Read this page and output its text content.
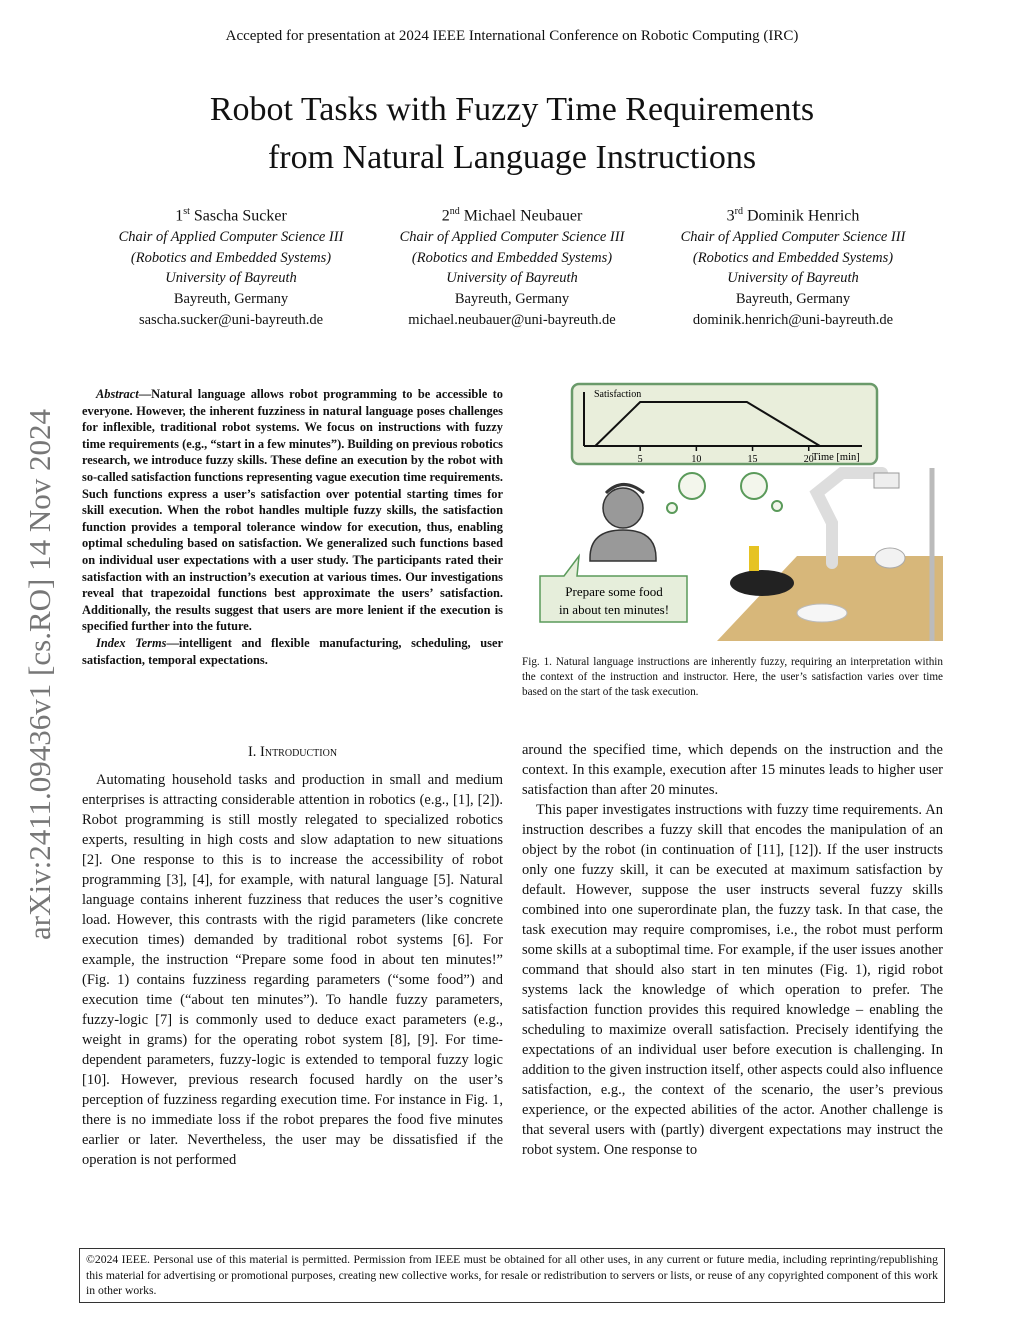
Accepted for presentation at 2024 IEEE International Conference on Robotic Computing (IRC)
Robot Tasks with Fuzzy Time Requirements
from Natural Language Instructions
1st Sascha Sucker
Chair of Applied Computer Science III
(Robotics and Embedded Systems)
University of Bayreuth
Bayreuth, Germany
sascha.sucker@uni-bayreuth.de
2nd Michael Neubauer
Chair of Applied Computer Science III
(Robotics and Embedded Systems)
University of Bayreuth
Bayreuth, Germany
michael.neubauer@uni-bayreuth.de
3rd Dominik Henrich
Chair of Applied Computer Science III
(Robotics and Embedded Systems)
University of Bayreuth
Bayreuth, Germany
dominik.henrich@uni-bayreuth.de
arXiv:2411.09436v1 [cs.RO] 14 Nov 2024

Abstract—Natural language allows robot programming to be accessible to everyone. However, the inherent fuzziness in natural language poses challenges for inflexible, traditional robot systems. We focus on instructions with fuzzy time requirements (e.g., “start in a few minutes”). Building on previous robotics research, we introduce fuzzy skills. These define an execution by the robot with so-called satisfaction functions representing vague execution time requirements. Such functions express a user’s satisfaction over potential starting times for skill execution. When the robot handles multiple fuzzy skills, the satisfaction function provides a temporal tolerance window for execution, thus, enabling optimal scheduling based on satisfaction. We generalized such functions based on individual user expectations with a user study. The participants rated their satisfaction with an instruction’s execution at various times. Our investigations reveal that trapezoidal functions best approximate the users’ satisfaction. Additionally, the results suggest that users are more lenient if the execution is specified further into the future.

Index Terms—intelligent and flexible manufacturing, scheduling, user satisfaction, temporal expectations.

I. Introduction

Automating household tasks and production in small and medium enterprises is attracting considerable attention in robotics (e.g., [1], [2]). Robot programming is still mostly relegated to specialized robotics experts, resulting in high costs and slow adaptation to new situations [2]. One response to this is to increase the accessibility of robot programming [3], [4], for example, with natural language [5]. Natural language contains inherent fuzziness that reduces the user’s cognitive load. However, this contrasts with the rigid parameters (like concrete execution times) demanded by traditional robot systems [6]. For example, the instruction “Prepare some food in about ten minutes!” (Fig. 1) contains fuzziness regarding parameters (“some food”) and execution time (“about ten minutes”). To handle fuzzy parameters, fuzzy-logic [7] is commonly used to deduce exact parameters (e.g., weight in grams) for the operating robot system [8], [9]. For time-dependent parameters, fuzzy-logic is extended to temporal fuzzy logic [10]. However, previous research focused hardly on the user’s perception of fuzziness regarding execution time. For instance in Fig. 1, there is no immediate loss if the robot prepares the food five minutes earlier or later. Nevertheless, the user may be dissatisfied if the operation is not performed

around the specified time, which depends on the instruction and the context. In this example, execution after 15 minutes leads to higher user satisfaction than after 20 minutes.

This paper investigates instructions with fuzzy time requirements. An instruction describes a fuzzy skill that encodes the manipulation of an object by the robot (in continuation of [11], [12]). If the user instructs only one fuzzy skill, it can be executed at maximum satisfaction by default. However, suppose the user instructs several fuzzy skills combined into one superordinate plan, the fuzzy task. In that case, the task execution may require compromises, i.e., the robot must perform some skills at a suboptimal time. For example, if the user issues another command that should also start in ten minutes (Fig. 1), rigid robot systems lack the knowledge of which operation to prefer. The satisfaction function provides this required knowledge – enabling the scheduling to maximize overall satisfaction. Precisely identifying the expectations of an individual user before execution is challenging. In addition to the given instruction itself, other aspects could also influence satisfaction, e.g., the context of the scenario, the user’s previous experience, or the expected abilities of the actor. Another challenge is that several users with (partly) divergent expectations may instruct the robot system. One response to

Satisfaction
Time [min]
5	10	15	20
Prepare some food
in about ten minutes!
Fig. 1. Natural language instructions are inherently fuzzy, requiring an interpretation within the context of the instruction and instructor. Here, the user’s satisfaction varies over time based on the start of the task execution.
©2024 IEEE. Personal use of this material is permitted. Permission from IEEE must be obtained for all other uses, in any current or future media, including reprinting/republishing this material for advertising or promotional purposes, creating new collective works, for resale or redistribution to servers or lists, or reuse of any copyrighted component of this work in other works.
